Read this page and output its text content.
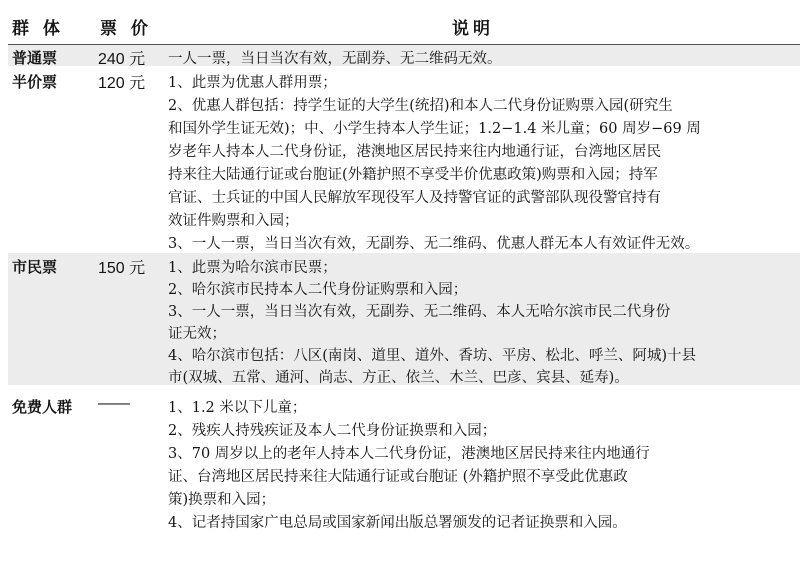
群 体 票 价	说明
普通票	240 元 一人一票，当日当次有效，无副券、无二维码无效。
半价票	120 元 1、此票为优惠人群用票；
2、优惠人群包括：持学生证的大学生(统招)和本人二代身份证购票入园(研究生
和国外学生证无效)；中、小学生持本人学生证；1.2−1.4 米儿童；60 周岁−69 周
岁老年人持本人二代身份证，港澳地区居民持来往内地通行证，台湾地区居民
持来往大陆通行证或台胞证(外籍护照不享受半价优惠政策)购票和入园；持军
官证、士兵证的中国人民解放军现役军人及持警官证的武警部队现役警官持有
效证件购票和入园；
3、一人一票，当日当次有效，无副券、无二维码、优惠人群无本人有效证件无效。
市民票	150 元 1、此票为哈尔滨市民票；
2、哈尔滨市民持本人二代身份证购票和入园；
3、一人一票，当日当次有效，无副券、无二维码、本人无哈尔滨市民二代身份
证无效；
4、哈尔滨市包括：八区(南岗、道里、道外、香坊、平房、松北、呼兰、阿城)十县
市(双城、五常、通河、尚志、方正、依兰、木兰、巴彦、宾县、延寿)。
免费人群 ——	1、1.2 米以下儿童；
2、残疾人持残疾证及本人二代身份证换票和入园；
3、70 周岁以上的老年人持本人二代身份证，港澳地区居民持来往内地通行
证、台湾地区居民持来往大陆通行证或台胞证 (外籍护照不享受此优惠政
策)换票和入园；
4、记者持国家广电总局或国家新闻出版总署颁发的记者证换票和入园。
